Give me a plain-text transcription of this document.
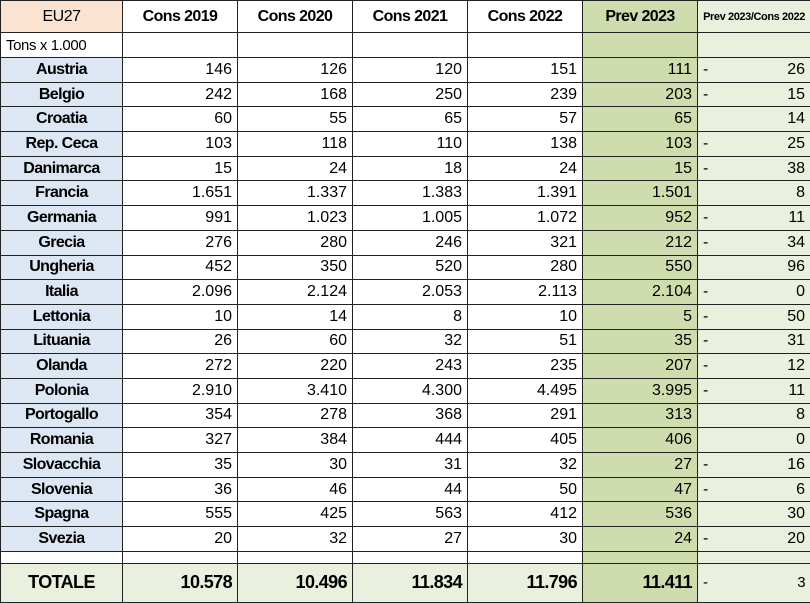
EU27	Cons 2019	Cons 2020	Cons 2021	Cons 2022	Prev 2023	Prev 2023/Cons 2022
Tons x 1.000						
Austria	146	126	120	151	111	- 26

Belgio	242	168	250	239	203	- 15

Croatia	60	55	65	57	65	14

Rep. Ceca	103	118	110	138	103	- 25

Danimarca	15	24	18	24	15	- 38

Francia	1.651	1.337	1.383	1.391	1.501	8

Germania	991	1.023	1.005	1.072	952	- 11

Grecia	276	280	246	321	212	- 34

Ungheria	452	350	520	280	550	96

Italia	2.096	2.124	2.053	2.113	2.104	- 0

Lettonia	10	14	8	10	5	- 50

Lituania	26	60	32	51	35	- 31

Olanda	272	220	243	235	207	- 12

Polonia	2.910	3.410	4.300	4.495	3.995	- 11

Portogallo	354	278	368	291	313	8

Romania	327	384	444	405	406	0

Slovacchia	35	30	31	32	27	- 16

Slovenia	36	46	44	50	47	- 6

Spagna	555	425	563	412	536	30

Svezia	20	32	27	30	24	- 20

TOTALE	10.578	10.496	11.834	11.796	11.411	- 3
